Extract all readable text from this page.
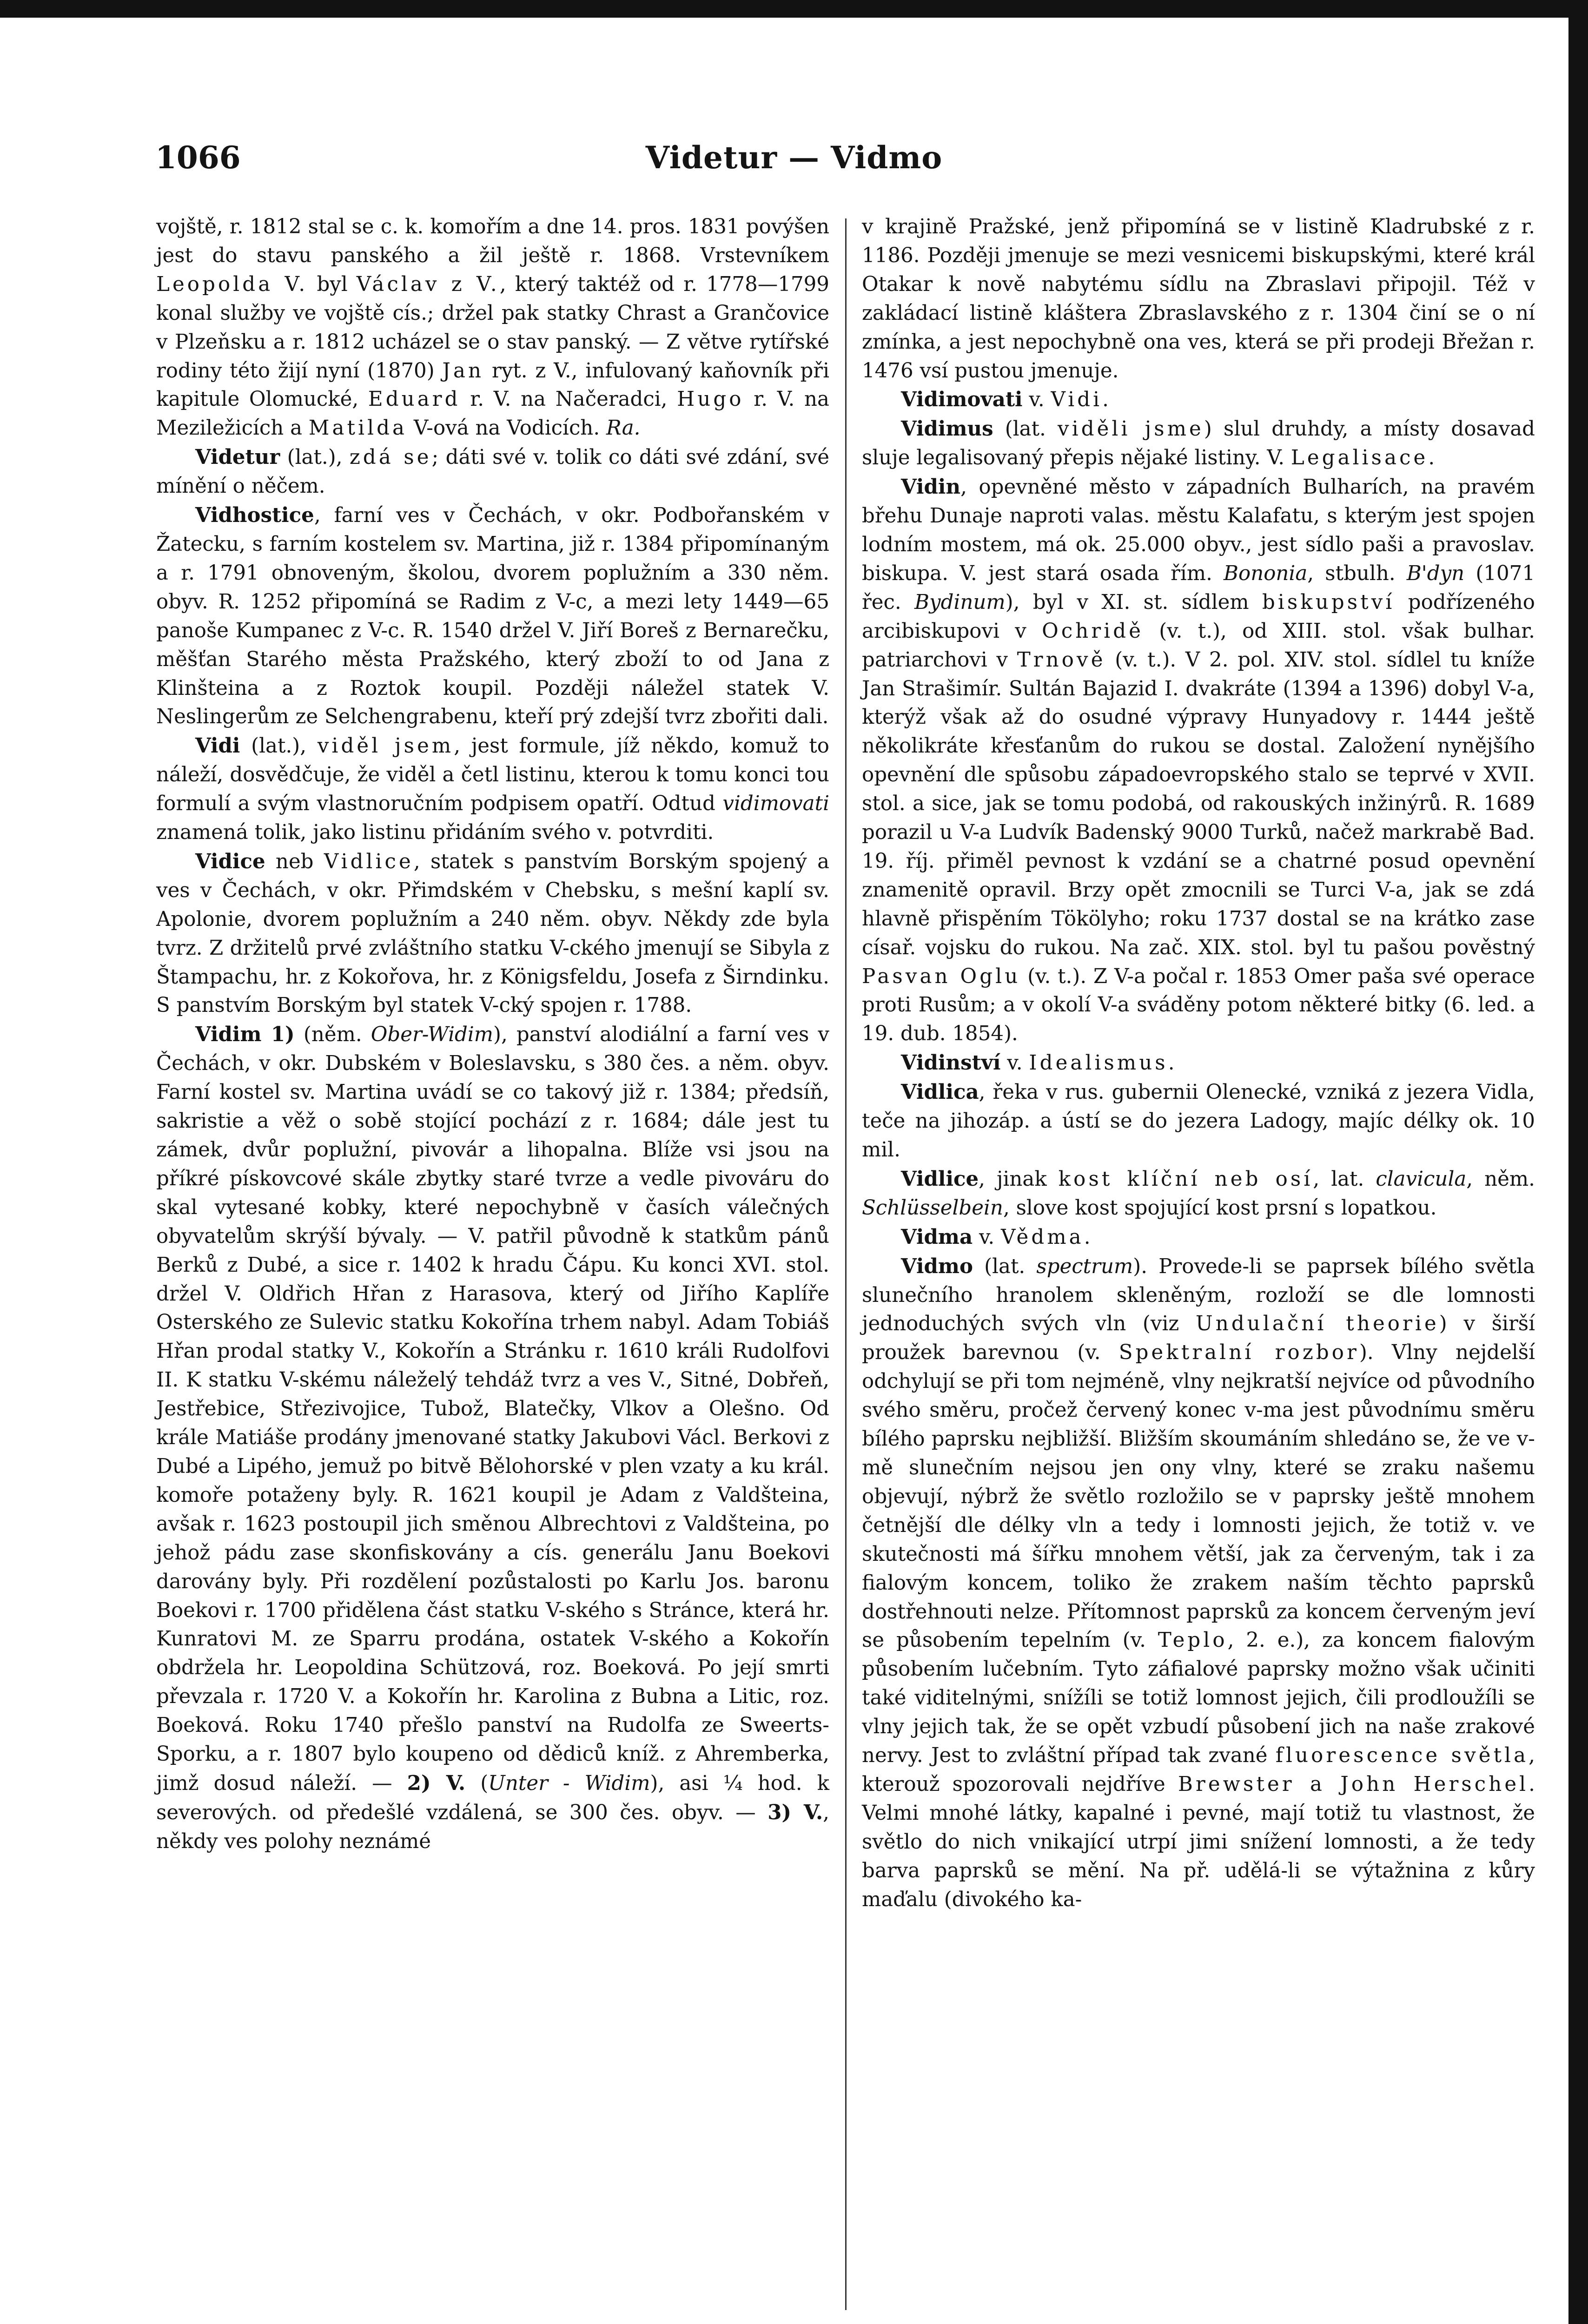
1066	Videtur — Vidmo

vojště, r. 1812 stal se c. k. komořím a dne 14. pros. 1831 povýšen jest do stavu panského a žil ještě r. 1868. Vrstevníkem Leopolda V. byl Václav z V., který taktéž od r. 1778—1799 konal služby ve vojště cís.; držel pak statky Chrast a Grančovice v Plzeňsku a r. 1812 ucházel se o stav panský. — Z větve rytířské rodiny této žijí nyní (1870) Jan ryt. z V., infulovaný kaňovník při kapitule Olomucké, Eduard r. V. na Načeradci, Hugo r. V. na Meziležicích a Matilda V-ová na Vodicích. Ra.

Videtur (lat.), zdá se; dáti své v. tolik co dáti své zdání, své mínění o něčem.

Vidhostice, farní ves v Čechách, v okr. Podbořanském v Žatecku, s farním kostelem sv. Martina, již r. 1384 připomínaným a r. 1791 obnoveným, školou, dvorem poplužním a 330 něm. obyv. R. 1252 připomíná se Radim z V-c, a mezi lety 1449—65 panoše Kumpanec z V-c. R. 1540 držel V. Jiří Boreš z Bernarečku, měšťan Starého města Pražského, který zboží to od Jana z Klinšteina a z Roztok koupil. Později náležel statek V. Neslingerům ze Selchengrabenu, kteří prý zdejší tvrz zbořiti dali.

Vidi (lat.), viděl jsem, jest formule, jíž někdo, komuž to náleží, dosvědčuje, že viděl a četl listinu, kterou k tomu konci tou formulí a svým vlastnoručním podpisem opatří. Odtud vidimovati znamená tolik, jako listinu přidáním svého v. potvrditi.

Vidice neb Vidlice, statek s panstvím Borským spojený a ves v Čechách, v okr. Přimdském v Chebsku, s mešní kaplí sv. Apolonie, dvorem poplužním a 240 něm. obyv. Někdy zde byla tvrz. Z držitelů prvé zvláštního statku V-ckého jmenují se Sibyla z Štampachu, hr. z Kokořova, hr. z Königsfeldu, Josefa z Širndinku. S panstvím Borským byl statek V-cký spojen r. 1788.

Vidim 1) (něm. Ober-Widim), panství alodiální a farní ves v Čechách, v okr. Dubském v Boleslavsku, s 380 čes. a něm. obyv. Farní kostel sv. Martina uvádí se co takový již r. 1384; předsíň, sakristie a věž o sobě stojící pochází z r. 1684; dále jest tu zámek, dvůr poplužní, pivovár a lihopalna. Blíže vsi jsou na příkré pískovcové skále zbytky staré tvrze a vedle pivováru do skal vytesané kobky, které nepochybně v časích válečných obyvatelům skrýší bývaly. — V. patřil původně k statkům pánů Berků z Dubé, a sice r. 1402 k hradu Čápu. Ku konci XVI. stol. držel V. Oldřich Hřan z Harasova, který od Jiřího Kaplíře Osterského ze Sulevic statku Kokořína trhem nabyl. Adam Tobiáš Hřan prodal statky V., Kokořín a Stránku r. 1610 králi Rudolfovi II. K statku V-skému náleželý tehdáž tvrz a ves V., Sitné, Dobřeň, Jestřebice, Střezivojice, Tubož, Blatečky, Vlkov a Olešno. Od krále Matiáše prodány jmenované statky Jakubovi Václ. Berkovi z Dubé a Lipého, jemuž po bitvě Bělohorské v plen vzaty a ku král. komoře potaženy byly. R. 1621 koupil je Adam z Valdšteina, avšak r. 1623 postoupil jich směnou Albrechtovi z Valdšteina, po jehož pádu zase skonfiskovány a cís. generálu Janu Boekovi darovány byly. Při rozdělení pozůstalosti po Karlu Jos. baronu Boekovi r. 1700 přidělena část statku V-ského s Stránce, která hr. Kunratovi M. ze Sparru prodána, ostatek V-ského a Kokořín obdržela hr. Leopoldina Schützová, roz. Boeková. Po její smrti převzala r. 1720 V. a Kokořín hr. Karolina z Bubna a Litic, roz. Boeková. Roku 1740 přešlo panství na Rudolfa ze Sweerts-Sporku, a r. 1807 bylo koupeno od dědiců kníž. z Ahremberka, jimž dosud náleží. — 2) V. (Unter - Widim), asi ¼ hod. k severových. od předešlé vzdálená, se 300 čes. obyv. — 3) V., někdy ves polohy neznámé

v krajině Pražské, jenž připomíná se v listině Kladrubské z r. 1186. Později jmenuje se mezi vesnicemi biskupskými, které král Otakar k nově nabytému sídlu na Zbraslavi připojil. Též v zakládací listině kláštera Zbraslavského z r. 1304 činí se o ní zmínka, a jest nepochybně ona ves, která se při prodeji Břežan r. 1476 vsí pustou jmenuje.

Vidimovati v. Vidi.

Vidimus (lat. viděli jsme) slul druhdy, a místy dosavad sluje legalisovaný přepis nějaké listiny. V. Legalisace.

Vidin, opevněné město v západních Bulharích, na pravém břehu Dunaje naproti valas. městu Kalafatu, s kterým jest spojen lodním mostem, má ok. 25.000 obyv., jest sídlo paši a pravoslav. biskupa. V. jest stará osada řím. Bononia, stbulh. B'dyn (1071 řec. Bydinum), byl v XI. st. sídlem biskupství podřízeného arcibiskupovi v Ochridě (v. t.), od XIII. stol. však bulhar. patriarchovi v Trnově (v. t.). V 2. pol. XIV. stol. sídlel tu kníže Jan Strašimír. Sultán Bajazid I. dvakráte (1394 a 1396) dobyl V-a, kterýž však až do osudné výpravy Hunyadovy r. 1444 ještě několikráte křesťanům do rukou se dostal. Založení nynějšího opevnění dle spůsobu západoevropského stalo se teprvé v XVII. stol. a sice, jak se tomu podobá, od rakouských inžinýrů. R. 1689 porazil u V-a Ludvík Badenský 9000 Turků, načež markrabě Bad. 19. říj. přiměl pevnost k vzdání se a chatrné posud opevnění znamenitě opravil. Brzy opět zmocnili se Turci V-a, jak se zdá hlavně přispěním Tökölyho; roku 1737 dostal se na krátko zase císař. vojsku do rukou. Na zač. XIX. stol. byl tu pašou pověstný Pasvan Oglu (v. t.). Z V-a počal r. 1853 Omer paša své operace proti Rusům; a v okolí V-a sváděny potom některé bitky (6. led. a 19. dub. 1854).

Vidinství v. Idealismus.

Vidlica, řeka v rus. gubernii Olenecké, vzniká z jezera Vidla, teče na jihozáp. a ústí se do jezera Ladogy, majíc délky ok. 10 mil.

Vidlice, jinak kost klíční neb osí, lat. clavicula, něm. Schlüsselbein, slove kost spojující kost prsní s lopatkou.

Vidma v. Vědma.

Vidmo (lat. spectrum). Provede-li se paprsek bílého světla slunečního hranolem skleněným, rozloží se dle lomnosti jednoduchých svých vln (viz Undulační theorie) v širší proužek barevnou (v. Spektralní rozbor). Vlny nejdelší odchylují se při tom nejméně, vlny nejkratší nejvíce od původního svého směru, pročež červený konec v-ma jest původnímu směru bílého paprsku nejbližší. Bližším skoumáním shledáno se, že ve v-mě slunečním nejsou jen ony vlny, které se zraku našemu objevují, nýbrž že světlo rozložilo se v paprsky ještě mnohem četnější dle délky vln a tedy i lomnosti jejich, že totiž v. ve skutečnosti má šířku mnohem větší, jak za červeným, tak i za fialovým koncem, toliko že zrakem naším těchto paprsků dostřehnouti nelze. Přítomnost paprsků za koncem červeným jeví se působením tepelním (v. Teplo, 2. e.), za koncem fialovým působením lučebním. Tyto záfialové paprsky možno však učiniti také viditelnými, snížíli se totiž lomnost jejich, čili prodloužíli se vlny jejich tak, že se opět vzbudí působení jich na naše zrakové nervy. Jest to zvláštní případ tak zvané fluorescence světla, kterouž spozorovali nejdříve Brewster a John Herschel. Velmi mnohé látky, kapalné i pevné, mají totiž tu vlastnost, že světlo do nich vnikající utrpí jimi snížení lomnosti, a že tedy barva paprsků se mění. Na př. udělá-li se výtažnina z kůry maďalu (divokého ka-
